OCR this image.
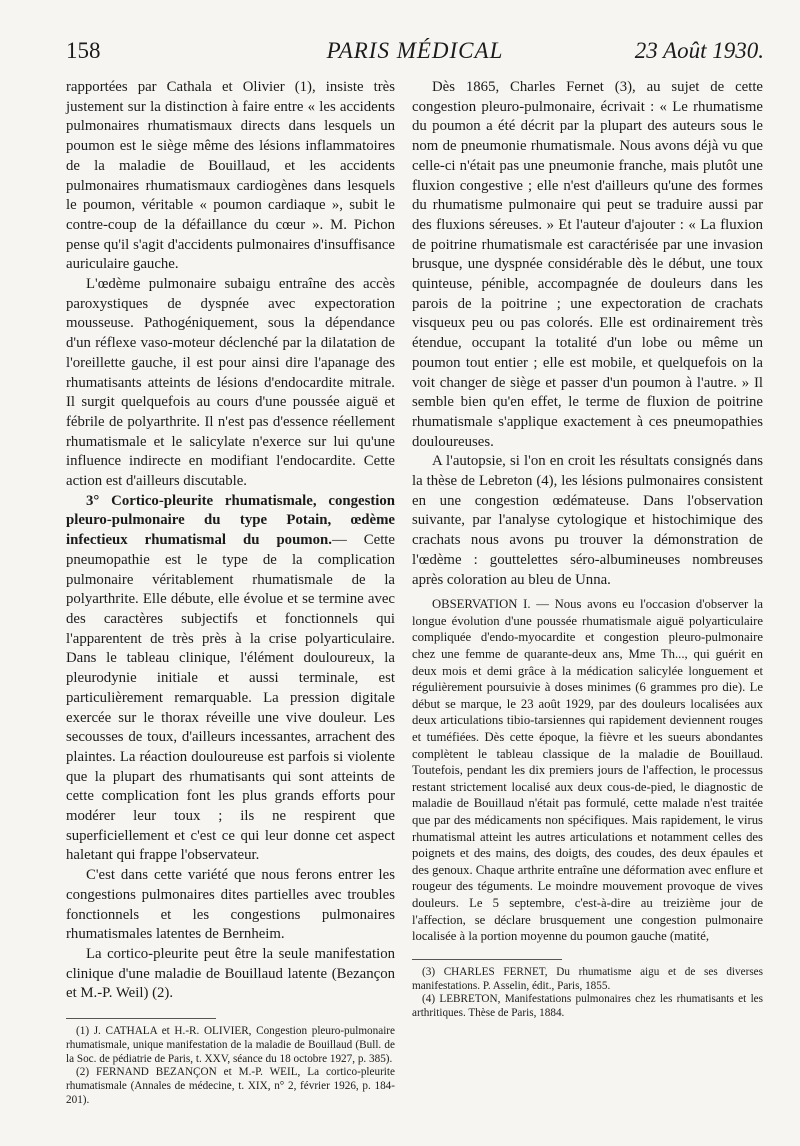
158	PARIS MÉDICAL	23 Août 1930.

rapportées par Cathala et Olivier (1), insiste très justement sur la distinction à faire entre « les accidents pulmonaires rhumatismaux directs dans lesquels un poumon est le siège même des lésions inflammatoires de la maladie de Bouillaud, et les accidents pulmonaires rhumatismaux cardiogènes dans lesquels le poumon, véritable « poumon cardiaque », subit le contre-coup de la défaillance du cœur ». M. Pichon pense qu'il s'agit d'accidents pulmonaires d'insuffisance auriculaire gauche.

L'œdème pulmonaire subaigu entraîne des accès paroxystiques de dyspnée avec expectoration mousseuse. Pathogéniquement, sous la dépendance d'un réflexe vaso-moteur déclenché par la dilatation de l'oreillette gauche, il est pour ainsi dire l'apanage des rhumatisants atteints de lésions d'endocardite mitrale. Il surgit quelquefois au cours d'une poussée aiguë et fébrile de polyarthrite. Il n'est pas d'essence réellement rhumatismale et le salicylate n'exerce sur lui qu'une influence indirecte en modifiant l'endocardite. Cette action est d'ailleurs discutable.

3° Cortico-pleurite rhumatismale, congestion pleuro-pulmonaire du type Potain, œdème infectieux rhumatismal du poumon.— Cette pneumopathie est le type de la complication pulmonaire véritablement rhumatismale de la polyarthrite. Elle débute, elle évolue et se termine avec des caractères subjectifs et fonctionnels qui l'apparentent de très près à la crise polyarticulaire. Dans le tableau clinique, l'élément douloureux, la pleurodynie initiale et aussi terminale, est particulièrement remarquable. La pression digitale exercée sur le thorax réveille une vive douleur. Les secousses de toux, d'ailleurs incessantes, arrachent des plaintes. La réaction douloureuse est parfois si violente que la plupart des rhumatisants qui sont atteints de cette complication font les plus grands efforts pour modérer leur toux ; ils ne respirent que superficiellement et c'est ce qui leur donne cet aspect haletant qui frappe l'observateur.

C'est dans cette variété que nous ferons entrer les congestions pulmonaires dites partielles avec troubles fonctionnels et les congestions pulmonaires rhumatismales latentes de Bernheim.

La cortico-pleurite peut être la seule manifestation clinique d'une maladie de Bouillaud latente (Bezançon et M.-P. Weil) (2).

(1) J. CATHALA et H.-R. OLIVIER, Congestion pleuro-pulmonaire rhumatismale, unique manifestation de la maladie de Bouillaud (Bull. de la Soc. de pédiatrie de Paris, t. XXV, séance du 18 octobre 1927, p. 385).

(2) FERNAND BEZANÇON et M.-P. WEIL, La cortico-pleurite rhumatismale (Annales de médecine, t. XIX, n° 2, février 1926, p. 184-201).

Dès 1865, Charles Fernet (3), au sujet de cette congestion pleuro-pulmonaire, écrivait : « Le rhumatisme du poumon a été décrit par la plupart des auteurs sous le nom de pneumonie rhumatismale. Nous avons déjà vu que celle-ci n'était pas une pneumonie franche, mais plutôt une fluxion congestive ; elle n'est d'ailleurs qu'une des formes du rhumatisme pulmonaire qui peut se traduire aussi par des fluxions séreuses. » Et l'auteur d'ajouter : « La fluxion de poitrine rhumatismale est caractérisée par une invasion brusque, une dyspnée considérable dès le début, une toux quinteuse, pénible, accompagnée de douleurs dans les parois de la poitrine ; une expectoration de crachats visqueux peu ou pas colorés. Elle est ordinairement très étendue, occupant la totalité d'un lobe ou même un poumon tout entier ; elle est mobile, et quelquefois on la voit changer de siège et passer d'un poumon à l'autre. » Il semble bien qu'en effet, le terme de fluxion de poitrine rhumatismale s'applique exactement à ces pneumopathies douloureuses.

A l'autopsie, si l'on en croit les résultats consignés dans la thèse de Lebreton (4), les lésions pulmonaires consistent en une congestion œdémateuse. Dans l'observation suivante, par l'analyse cytologique et histochimique des crachats nous avons pu trouver la démonstration de l'œdème : gouttelettes séro-albumineuses nombreuses après coloration au bleu de Unna.

OBSERVATION I. — Nous avons eu l'occasion d'observer la longue évolution d'une poussée rhumatismale aiguë polyarticulaire compliquée d'endo-myocardite et congestion pleuro-pulmonaire chez une femme de quarante-deux ans, Mme Th..., qui guérit en deux mois et demi grâce à la médication salicylée longuement et régulièrement poursuivie à doses minimes (6 grammes pro die). Le début se marque, le 23 août 1929, par des douleurs localisées aux deux articulations tibio-tarsiennes qui rapidement deviennent rouges et tuméfiées. Dès cette époque, la fièvre et les sueurs abondantes complètent le tableau classique de la maladie de Bouillaud. Toutefois, pendant les dix premiers jours de l'affection, le processus restant strictement localisé aux deux cous-de-pied, le diagnostic de maladie de Bouillaud n'était pas formulé, cette malade n'est traitée que par des médicaments non spécifiques. Mais rapidement, le virus rhumatismal atteint les autres articulations et notamment celles des poignets et des mains, des doigts, des coudes, des deux épaules et des genoux. Chaque arthrite entraîne une déformation avec enflure et rougeur des téguments. Le moindre mouvement provoque de vives douleurs. Le 5 septembre, c'est-à-dire au treizième jour de l'affection, se déclare brusquement une congestion pulmonaire localisée à la portion moyenne du poumon gauche (matité,

(3) CHARLES FERNET, Du rhumatisme aigu et de ses diverses manifestations. P. Asselin, édit., Paris, 1855.

(4) LEBRETON, Manifestations pulmonaires chez les rhumatisants et les arthritiques. Thèse de Paris, 1884.
